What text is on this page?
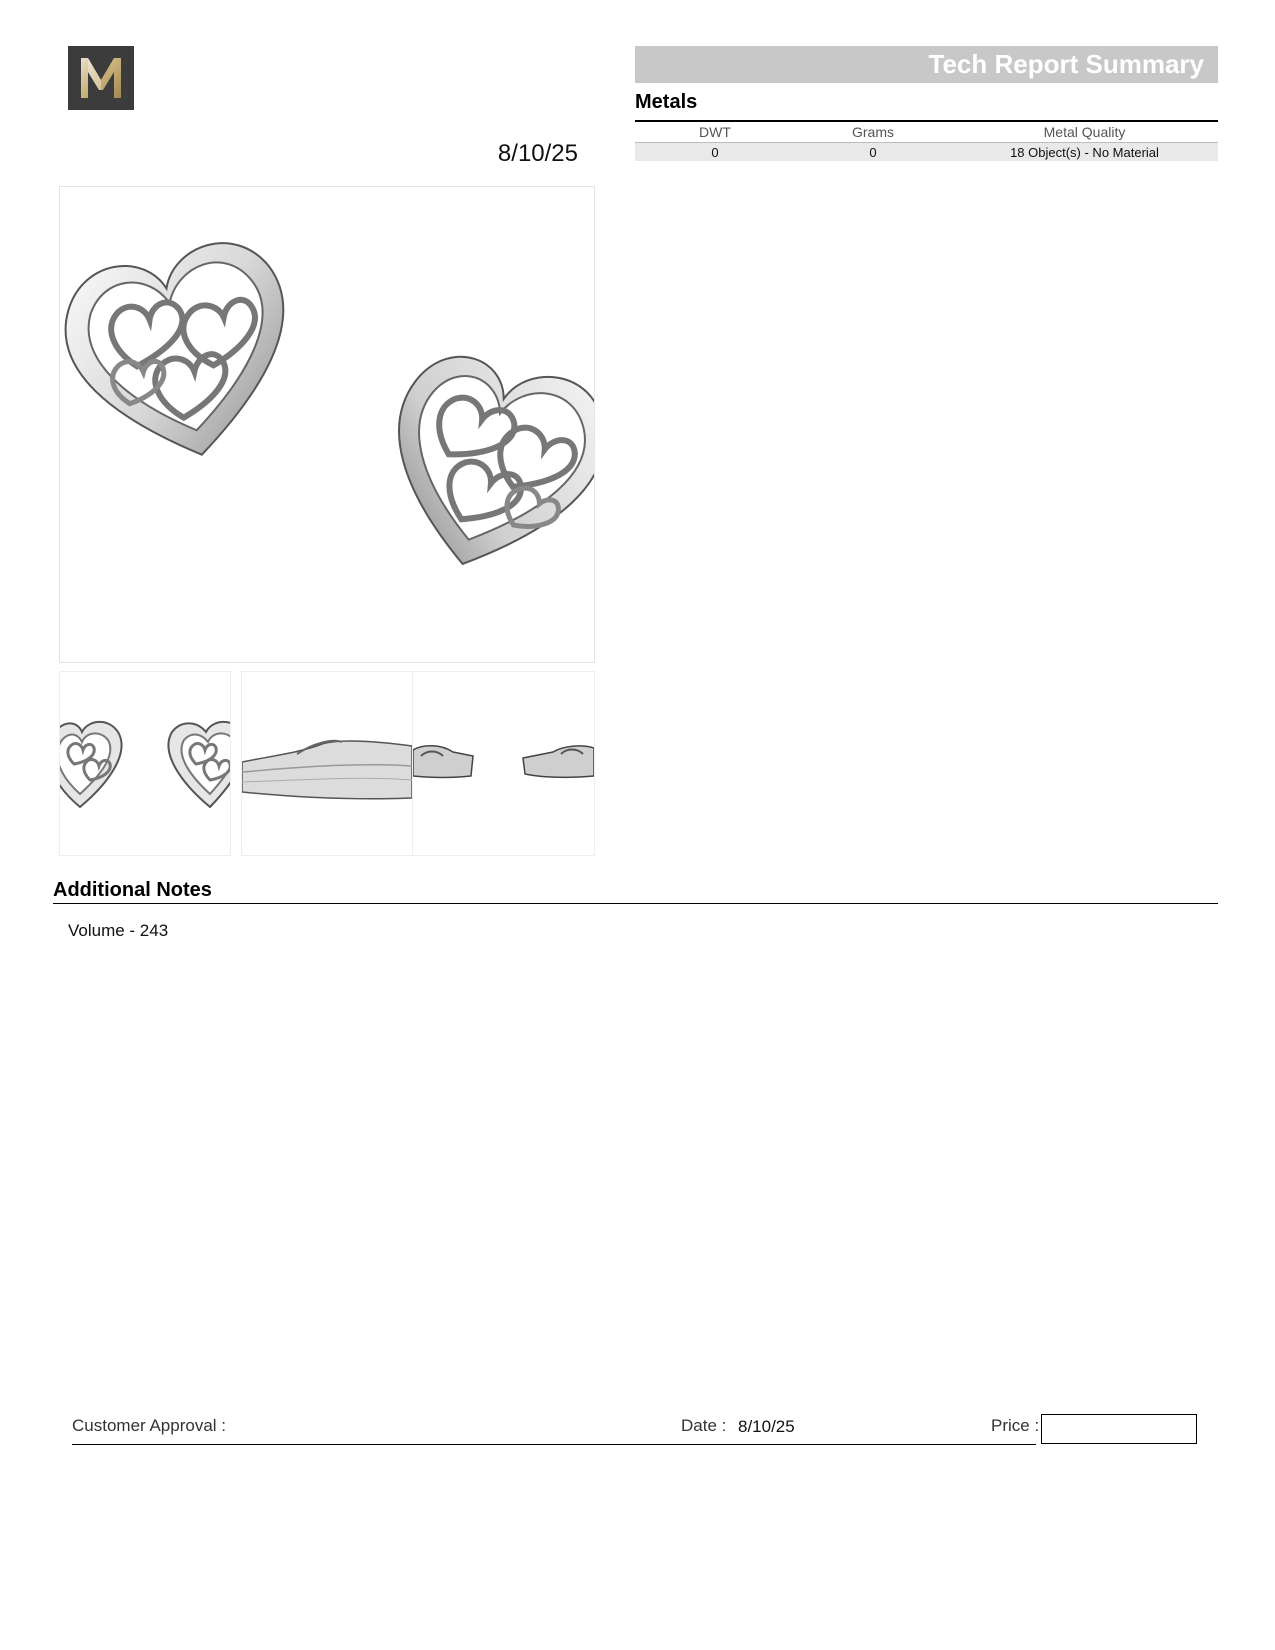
8/10/25
Tech Report Summary
Metals
DWT	Grams	Metal Quality
0	0	18 Object(s) - No Material
Additional Notes
Volume - 243
Customer Approval :	Date : 8/10/25	Price :
